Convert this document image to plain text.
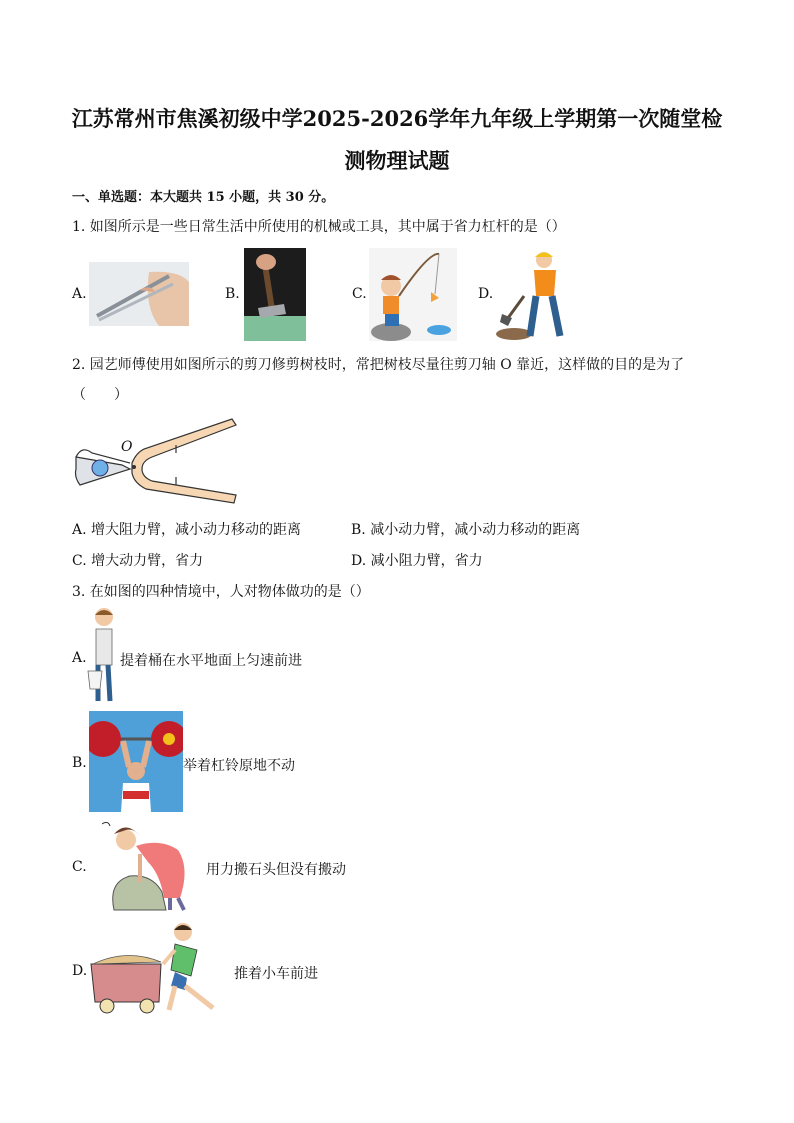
江苏常州市焦溪初级中学2025-2026学年九年级上学期第一次随堂检
测物理试题
一、单选题：本大题共 15 小题，共 30 分。
1. 如图所示是一些日常生活中所使用的机械或工具，其中属于省力杠杆的是（）
A.	B.	C.	D.
2. 园艺师傅使用如图所示的剪刀修剪树枝时，常把树枝尽量往剪刀轴 O 靠近，这样做的目的是为了
（　　）
O
A. 增大阻力臂，减小动力移动的距离	B. 减小动力臂，减小动力移动的距离
C. 增大动力臂，省力	D. 减小阻力臂，省力
3. 在如图的四种情境中，人对物体做功的是（）
A. 提着桶在水平地面上匀速前进
B.	举着杠铃原地不动
C.	用力搬石头但没有搬动
D.	推着小车前进
